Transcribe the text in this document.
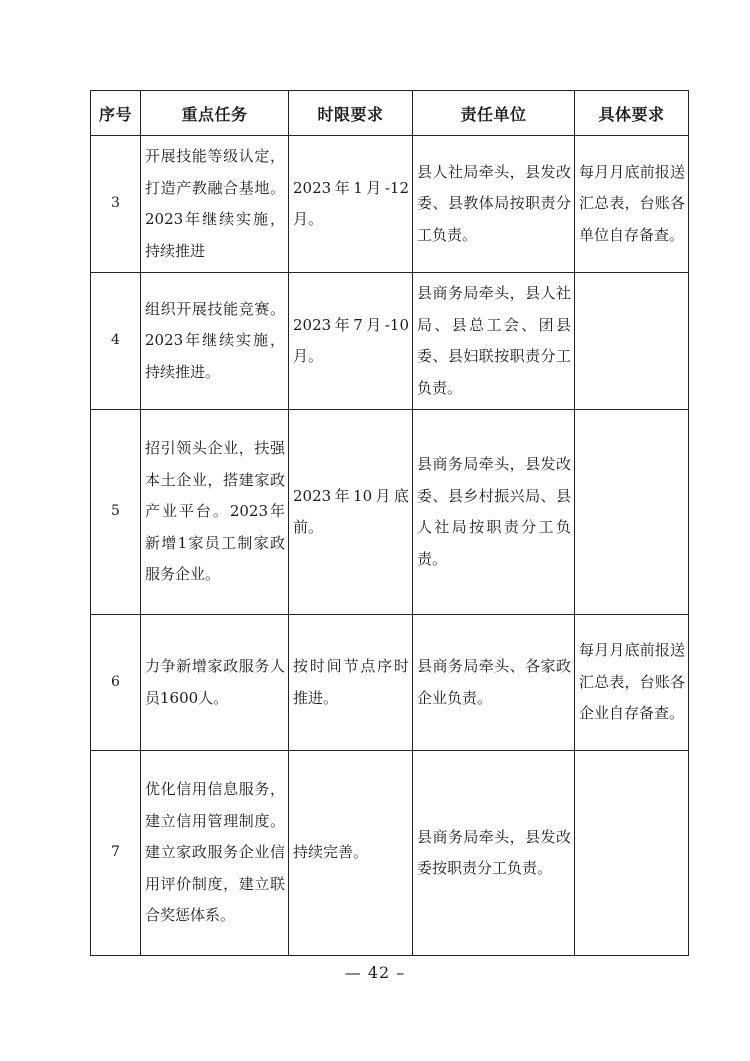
序号	重点任务	时限要求	责任单位	具体要求
3	开展技能等级认定，打造产教融合基地。2023年继续实施，持续推进	2023年1月-12月。	县人社局牵头，县发改委、县教体局按职责分工负责。	每月月底前报送汇总表，台账各单位自存备查。
4	组织开展技能竞赛。2023年继续实施，持续推进。	2023年7月-10月。	县商务局牵头，县人社局、县总工会、团县委、县妇联按职责分工负责。	
5	招引领头企业，扶强本土企业，搭建家政产业平台。2023年新增1家员工制家政服务企业。	2023年10月底前。	县商务局牵头，县发改委、县乡村振兴局、县人社局按职责分工负责。	
6	力争新增家政服务人员1600人。	按时间节点序时推进。	县商务局牵头、各家政企业负责。	每月月底前报送汇总表，台账各企业自存备查。
7	优化信用信息服务，建立信用管理制度。建立家政服务企业信用评价制度，建立联合奖惩体系。	持续完善。	县商务局牵头，县发改委按职责分工负责。	
— 42 –
